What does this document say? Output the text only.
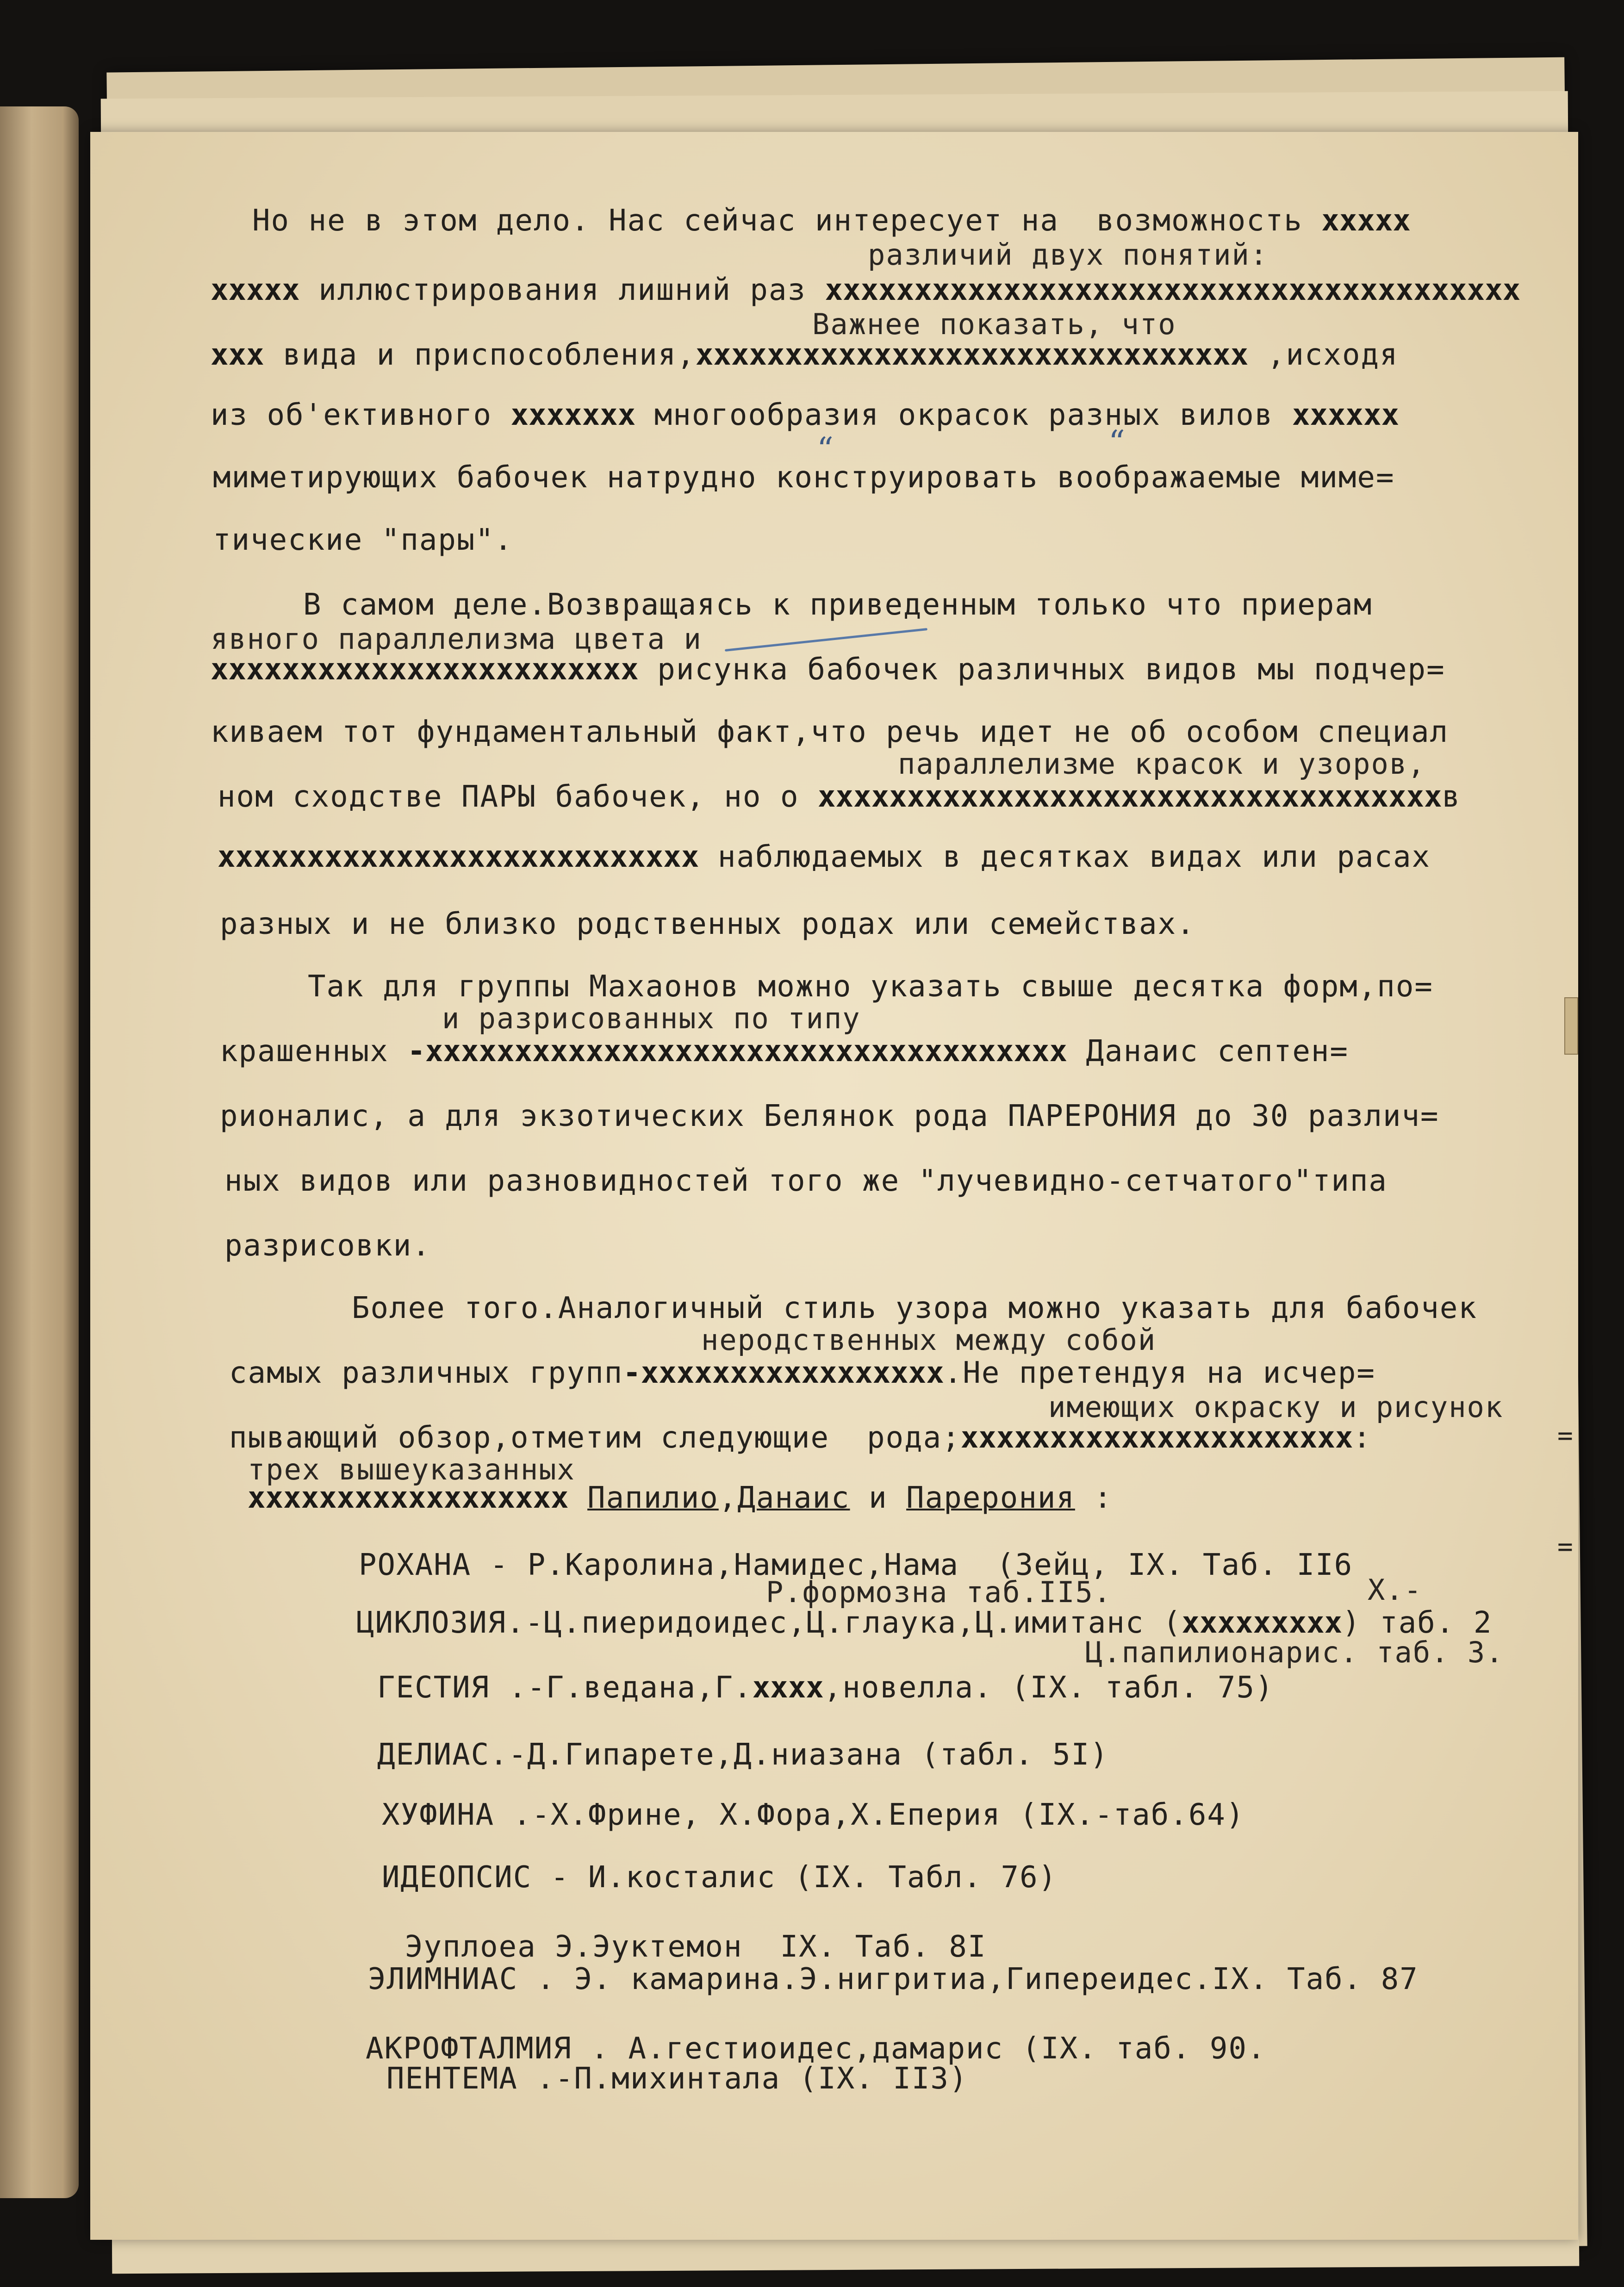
Но не в этом дело. Нас сейчас интересует на  возможность xxxxx
различий двух понятий:
xxxxx иллюстрирования лишний раз xxxxxxxxxxxxxxxxxxxxxxxxxxxxxxxxxxxxxxx
Важнее показать, что
xxx вида и приспособления,xxxxxxxxxxxxxxxxxxxxxxxxxxxxxxx ,исходя
из об'ективного xxxxxxx многообразия окрасок разных вилов xxxxxx
“	“
миметирующих бабочек натрудно конструировать воображаемые миме=
тические "пары".
В самом деле.Возвращаясь к приведенным только что приерам
явного параллелизма цвета и
xxxxxxxxxxxxxxxxxxxxxxxx рисунка бабочек различных видов мы подчер=
киваем тот фундаментальный факт,что речь идет не об особом специал
параллелизме красок и узоров,
ном сходстве ПАРЫ бабочек, но о xxxxxxxxxxxxxxxxxxxxxxxxxxxxxxxxxxxв
xxxxxxxxxxxxxxxxxxxxxxxxxxx наблюдаемых в десятках видах или расах
разных и не близко родственных родах или семействах.
Так для группы Махаонов можно указать свыше десятка форм,по=
и разрисованных по типу
крашенных -xxxxxxxxxxxxxxxxxxxxxxxxxxxxxxxxxxxx Данаис септен=
рионалис, а для экзотических Белянок рода ПАРЕРОНИЯ до 30 различ=
ных видов или разновидностей того же "лучевидно-сетчатого"типа
разрисовки.
Более того.Аналогичный стиль узора можно указать для бабочек
неродственных между собой
самых различных групп-xxxxxxxxxxxxxxxxx.Не претендуя на исчер=
имеющих окраску и рисунок
пывающий обзор,отметим следующие  рода;xxxxxxxxxxxxxxxxxxxxxx:
трех вышеуказанных
xxxxxxxxxxxxxxxxxx Папилио,Данаис и Парерония :
РОХАНА - Р.Каролина,Намидес,Нама  (Зейц, IX. Таб. II6
Р.формозна таб.II5.	Х.-
ЦИКЛОЗИЯ.-Ц.пиеридоидес,Ц.глаука,Ц.имитанс (xxxxxxxxx) таб. 2
Ц.папилионарис. таб. 3.
ГЕСТИЯ .-Г.ведана,Г.xxxx,новелла. (IX. табл. 75)
ДЕЛИАС.-Д.Гипарете,Д.ниазана (табл. 5I)
ХУФИНА .-Х.Фрине, Х.Фора,Х.Еперия (IX.-таб.64)
ИДЕОПСИС - И.косталис (IX. Табл. 76)
Эуплоеа Э.Эуктемон  IX. Таб. 8I
ЭЛИМНИАС . Э. камарина.Э.нигритиа,Гипереидес.IX. Таб. 87
АКРОФТАЛМИЯ . А.гестиоидес,дамарис (IX. таб. 90.
ПЕНТЕМА .-П.михинтала (IX. II3)
=
=
